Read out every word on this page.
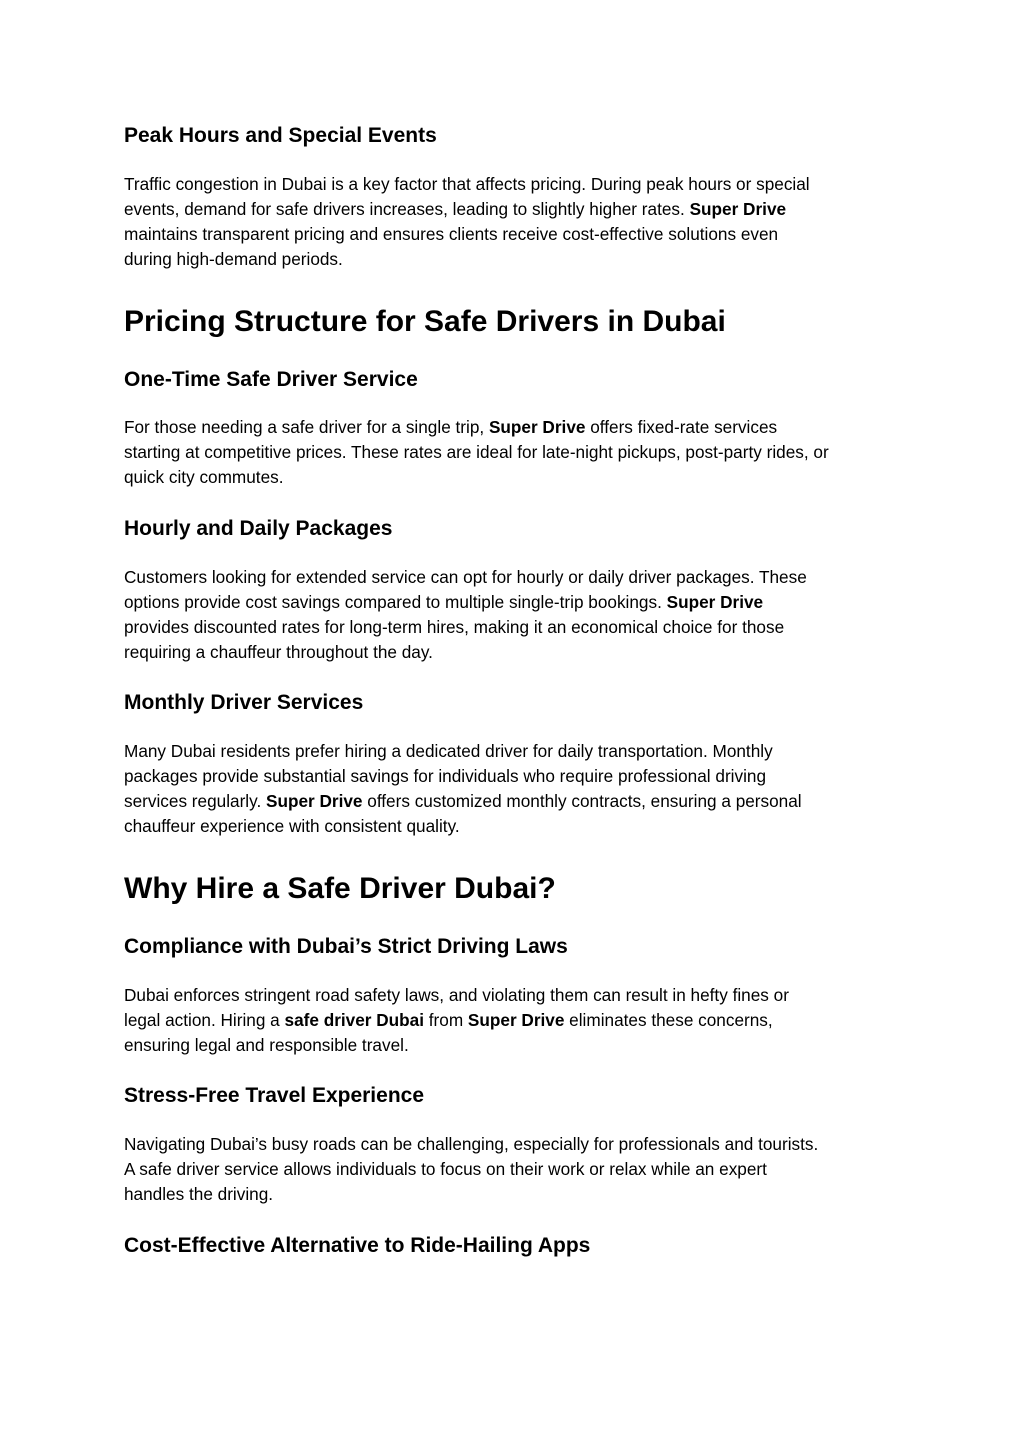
Peak Hours and Special Events
Traffic congestion in Dubai is a key factor that affects pricing. During peak hours or special
events, demand for safe drivers increases, leading to slightly higher rates. Super Drive
maintains transparent pricing and ensures clients receive cost-effective solutions even
during high-demand periods.
Pricing Structure for Safe Drivers in Dubai
One-Time Safe Driver Service
For those needing a safe driver for a single trip, Super Drive offers fixed-rate services
starting at competitive prices. These rates are ideal for late-night pickups, post-party rides, or
quick city commutes.
Hourly and Daily Packages
Customers looking for extended service can opt for hourly or daily driver packages. These
options provide cost savings compared to multiple single-trip bookings. Super Drive
provides discounted rates for long-term hires, making it an economical choice for those
requiring a chauffeur throughout the day.
Monthly Driver Services
Many Dubai residents prefer hiring a dedicated driver for daily transportation. Monthly
packages provide substantial savings for individuals who require professional driving
services regularly. Super Drive offers customized monthly contracts, ensuring a personal
chauffeur experience with consistent quality.
Why Hire a Safe Driver Dubai?
Compliance with Dubai’s Strict Driving Laws
Dubai enforces stringent road safety laws, and violating them can result in hefty fines or
legal action. Hiring a safe driver Dubai from Super Drive eliminates these concerns,
ensuring legal and responsible travel.
Stress-Free Travel Experience
Navigating Dubai’s busy roads can be challenging, especially for professionals and tourists.
A safe driver service allows individuals to focus on their work or relax while an expert
handles the driving.
Cost-Effective Alternative to Ride-Hailing Apps
